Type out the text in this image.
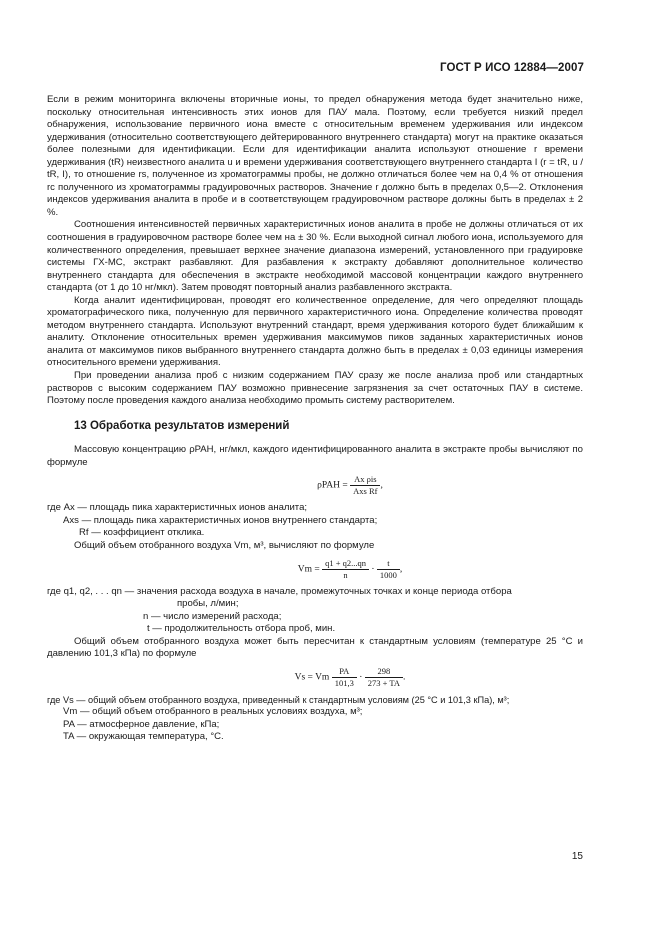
ГОСТ Р ИСО 12884—2007

Если в режим мониторинга включены вторичные ионы, то предел обнаружения метода будет значительно ниже, поскольку относительная интенсивность этих ионов для ПАУ мала. Поэтому, если требуется низкий предел обнаружения, использование первичного иона вместе с относительным временем удерживания или индексом удерживания (относительно соответствующего дейтерированного внутреннего стандарта) могут на практике оказаться более полезными для идентификации. Если для идентификации аналита используют отношение r времени удерживания (tR) неизвестного аналита u и времени удерживания соответствующего внутреннего стандарта I (r = tR, u / tR, I), то отношение rs, полученное из хроматограммы пробы, не должно отличаться более чем на 0,4 % от отношения rc полученного из хроматограммы градуировочных растворов. Значение r должно быть в пределах 0,5—2. Отклонения индексов удерживания аналита в пробе и в соответствующем градуировочном растворе должны быть в пределах ± 2 %.

Соотношения интенсивностей первичных характеристичных ионов аналита в пробе не должны отличаться от их соотношения в градуировочном растворе более чем на ± 30 %. Если выходной сигнал любого иона, используемого для количественного определения, превышает верхнее значение диапазона измерений, установленного при градуировке системы ГХ-МС, экстракт разбавляют. Для разбавления к экстракту добавляют дополнительное количество внутреннего стандарта для обеспечения в экстракте необходимой массовой концентрации каждого внутреннего стандарта (от 1 до 10 нг/мкл). Затем проводят повторный анализ разбавленного экстракта.

Когда аналит идентифицирован, проводят его количественное определение, для чего определяют площадь хроматографического пика, полученную для первичного характеристичного иона. Определение количества проводят методом внутреннего стандарта. Используют внутренний стандарт, время удерживания которого будет ближайшим к аналиту. Отклонение относительных времен удерживания максимумов пиков заданных характеристичных ионов аналита от максимумов пиков выбранного внутреннего стандарта должно быть в пределах ± 0,03 единицы измерения относительного времени удерживания.

При проведении анализа проб с низким содержанием ПАУ сразу же после анализа проб или стандартных растворов с высоким содержанием ПАУ возможно привнесение загрязнения за счет остаточных ПАУ в системе. Поэтому после проведения каждого анализа необходимо промыть систему растворителем.

13 Обработка результатов измерений

Массовую концентрацию ρPAH, нг/мкл, каждого идентифицированного аналита в экстракте пробы вычисляют по формуле

$\rho PAH = \frac{\text{Ax ρis}}{\text{Axs Rf}}$ ,

где Ax — площадь пика характеристичных ионов аналита;
Axs — площадь пика характеристичных ионов внутреннего стандарта;
Rf — коэффициент отклика.

Общий объем отобранного воздуха Vm, м³, вычисляют по формуле

$Vm = \frac{q1 + q2...qn}{n} \cdot \frac{t}{1000}$ ,

где q1, q2, . . . qn — значения расхода воздуха в начале, промежуточных точках и конце периода отбора
пробы, л/мин;
n — число измерений расхода;
t — продолжительность отбора проб, мин.

Общий объем отобранного воздуха может быть пересчитан к стандартным условиям (температуре 25 °С и давлению 101,3 кПа) по формуле

Vs = Vm $\frac{PA}{101,3} \cdot \frac{298}{273 + TA}$ .

где Vs — общий объем отобранного воздуха, приведенный к стандартным условиям (25 °С и 101,3 кПа), м³;
Vm — общий объем отобранного в реальных условиях воздуха, м³;
PA — атмосферное давление, кПа;
TA — окружающая температура, °С.
15
